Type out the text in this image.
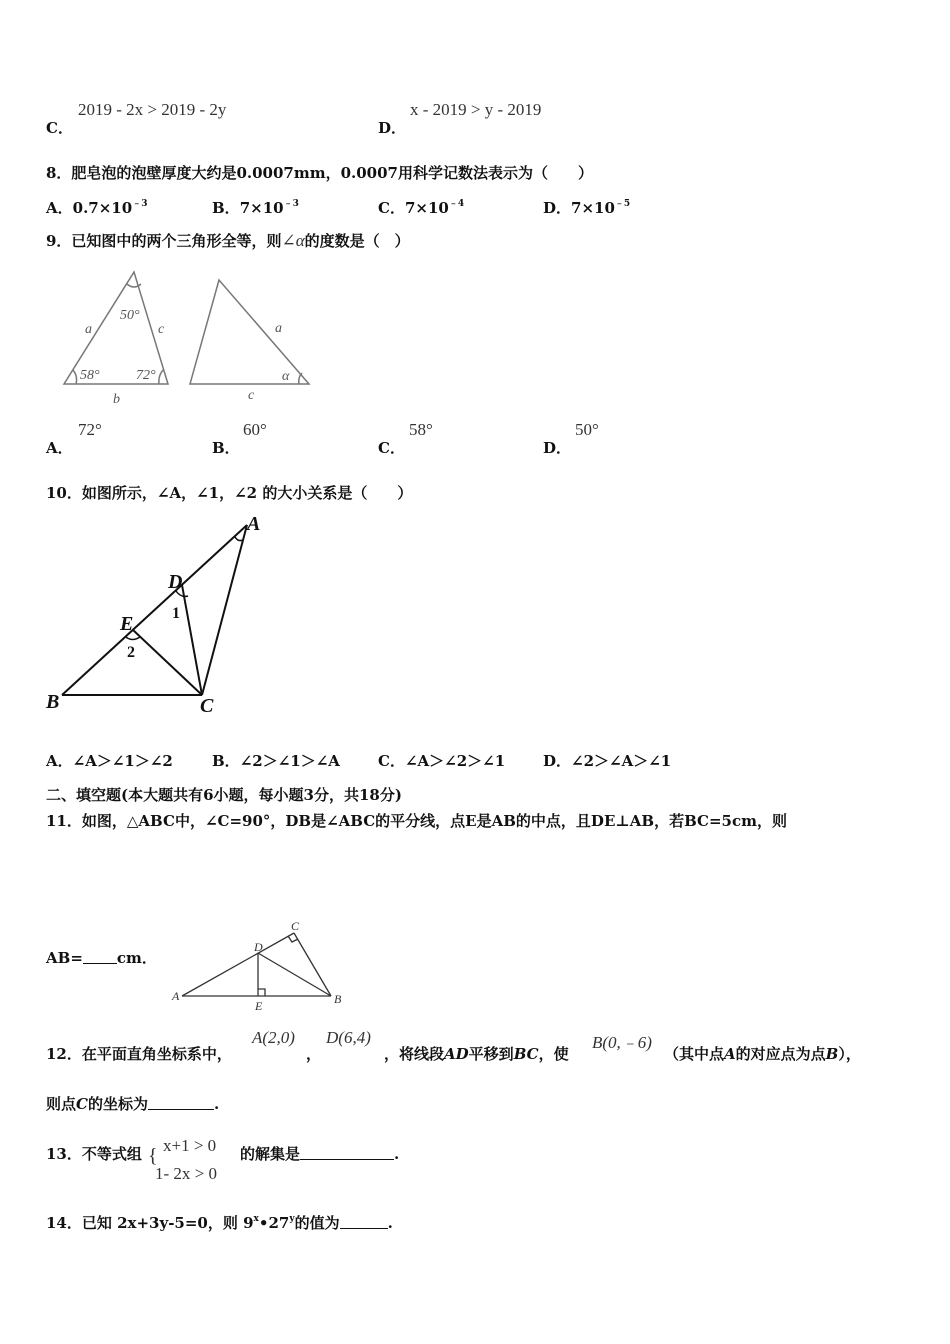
C．
2019 - 2x > 2019 - 2y
D．
x - 2019 > y - 2019
8．肥皂泡的泡壁厚度大约是0.0007mm，0.0007用科学记数法表示为（　　）
A．$0.7\times 10^{﹣3}$	B．$7\times 10^{﹣3}$	C．$7\times 10^{﹣4}$	D．$7\times 10^{﹣5}$
9．已知图中的两个三角形全等，则∠α的度数是（　）
50°
58°	72°
a	c
b
a
c
α
A．
72°
B．
60°
C．
58°
D．
50°
10．如图所示，∠A，∠1，∠2 的大小关系是（　　）
A
B	C
D
E 1
2
A．∠A＞∠1＞∠2	B．∠2＞∠1＞∠A	C．∠A＞∠2＞∠1	D．∠2＞∠A＞∠1
二、填空题(本大题共有6小题，每小题3分，共18分)
11．如图，△ABC中，∠C=90°，DB是∠ABC的平分线，点E是AB的中点，且DE⊥AB，若BC=5cm，则
AB= cm．
A	B
C
D
E
12．在平面直角坐标系中，
A(2,0)
，
D(6,4)
，将线段AD平移到BC，使
B(0,﹣6)
（其中点A的对应点为点B），
则点C的坐标为	.
13．不等式组 { x+1 > 0
1- 2x > 0
的解集是	.
14．已知 2x+3y-5=0，则 9$^x$•27$^y$的值为	.
